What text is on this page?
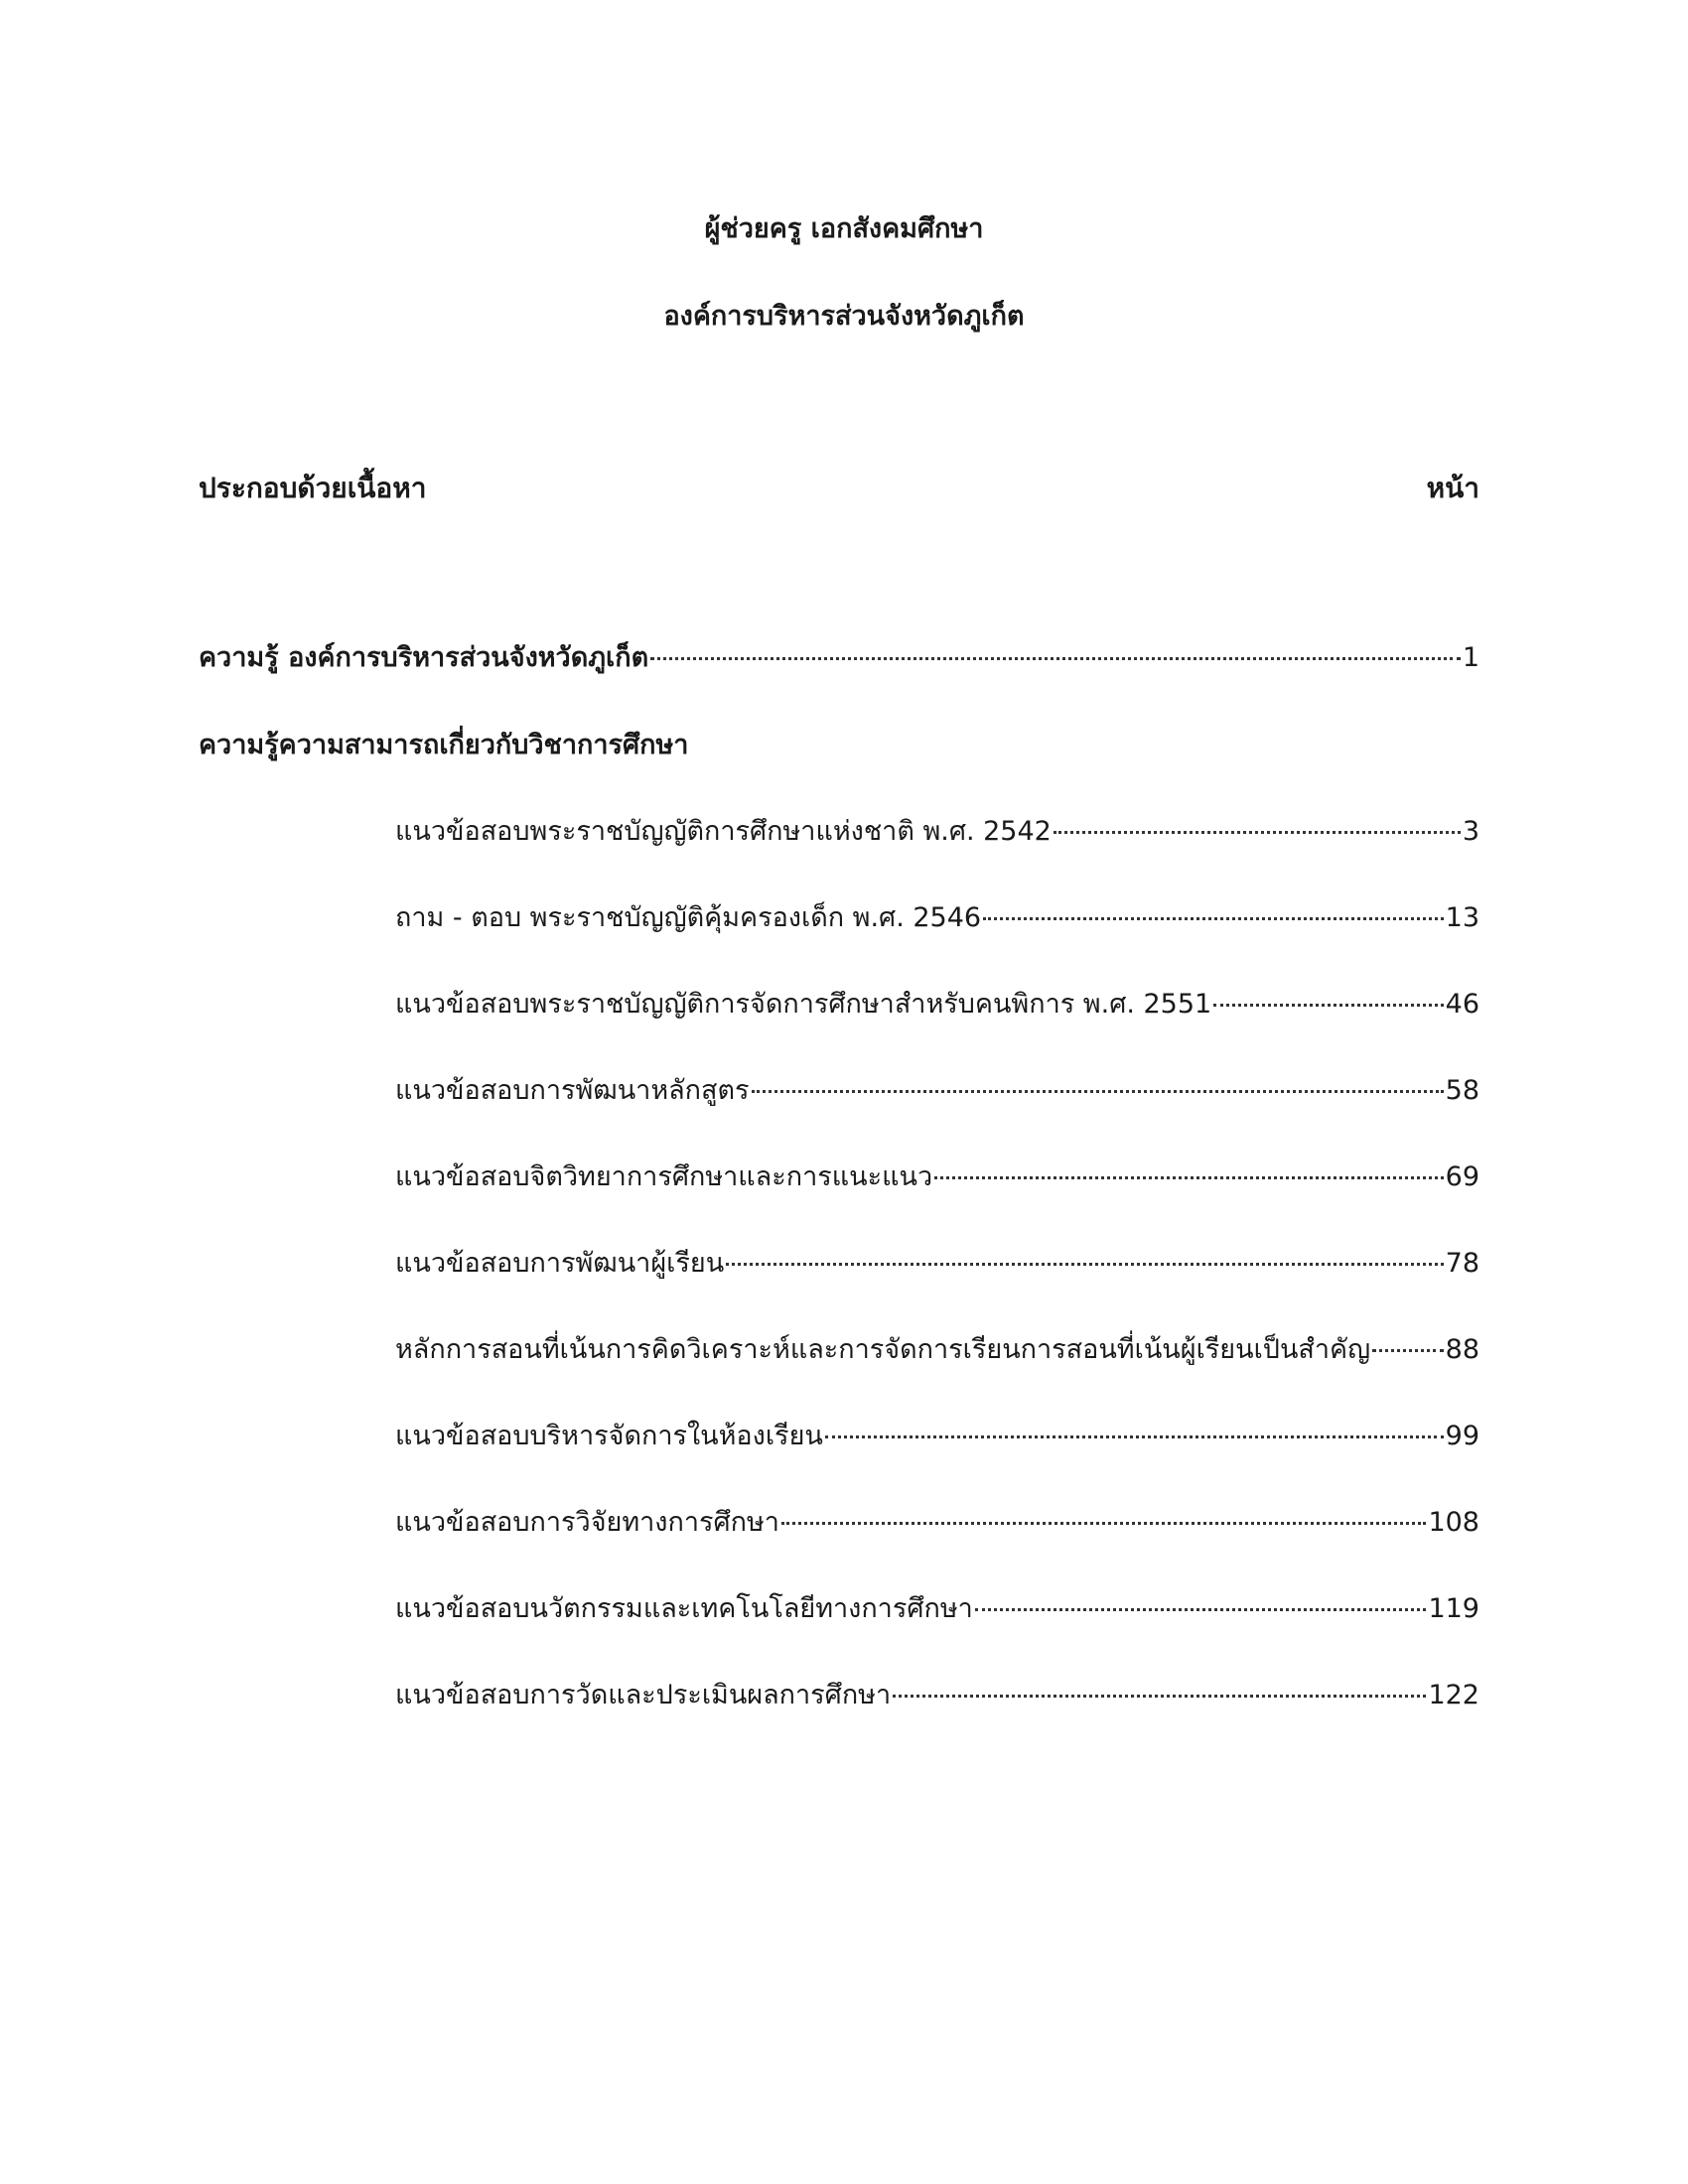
ผู้ช่วยครู เอกสังคมศึกษา
องค์การบริหารส่วนจังหวัดภูเก็ต
ประกอบด้วยเนื้อหา	หน้า
ความรู้ องค์การบริหารส่วนจังหวัดภูเก็ต	1
ความรู้ความสามารถเกี่ยวกับวิชาการศึกษา
แนวข้อสอบพระราชบัญญัติการศึกษาแห่งชาติ พ.ศ. 2542	3
ถาม - ตอบ พระราชบัญญัติคุ้มครองเด็ก พ.ศ. 2546	13
แนวข้อสอบพระราชบัญญัติการจัดการศึกษาสำหรับคนพิการ พ.ศ. 2551	46
แนวข้อสอบการพัฒนาหลักสูตร	58
แนวข้อสอบจิตวิทยาการศึกษาและการแนะแนว	69
แนวข้อสอบการพัฒนาผู้เรียน	78
หลักการสอนที่เน้นการคิดวิเคราะห์และการจัดการเรียนการสอนที่เน้นผู้เรียนเป็นสำคัญ	88
แนวข้อสอบบริหารจัดการในห้องเรียน	99
แนวข้อสอบการวิจัยทางการศึกษา	108
แนวข้อสอบนวัตกรรมและเทคโนโลยีทางการศึกษา	119
แนวข้อสอบการวัดและประเมินผลการศึกษา	122
